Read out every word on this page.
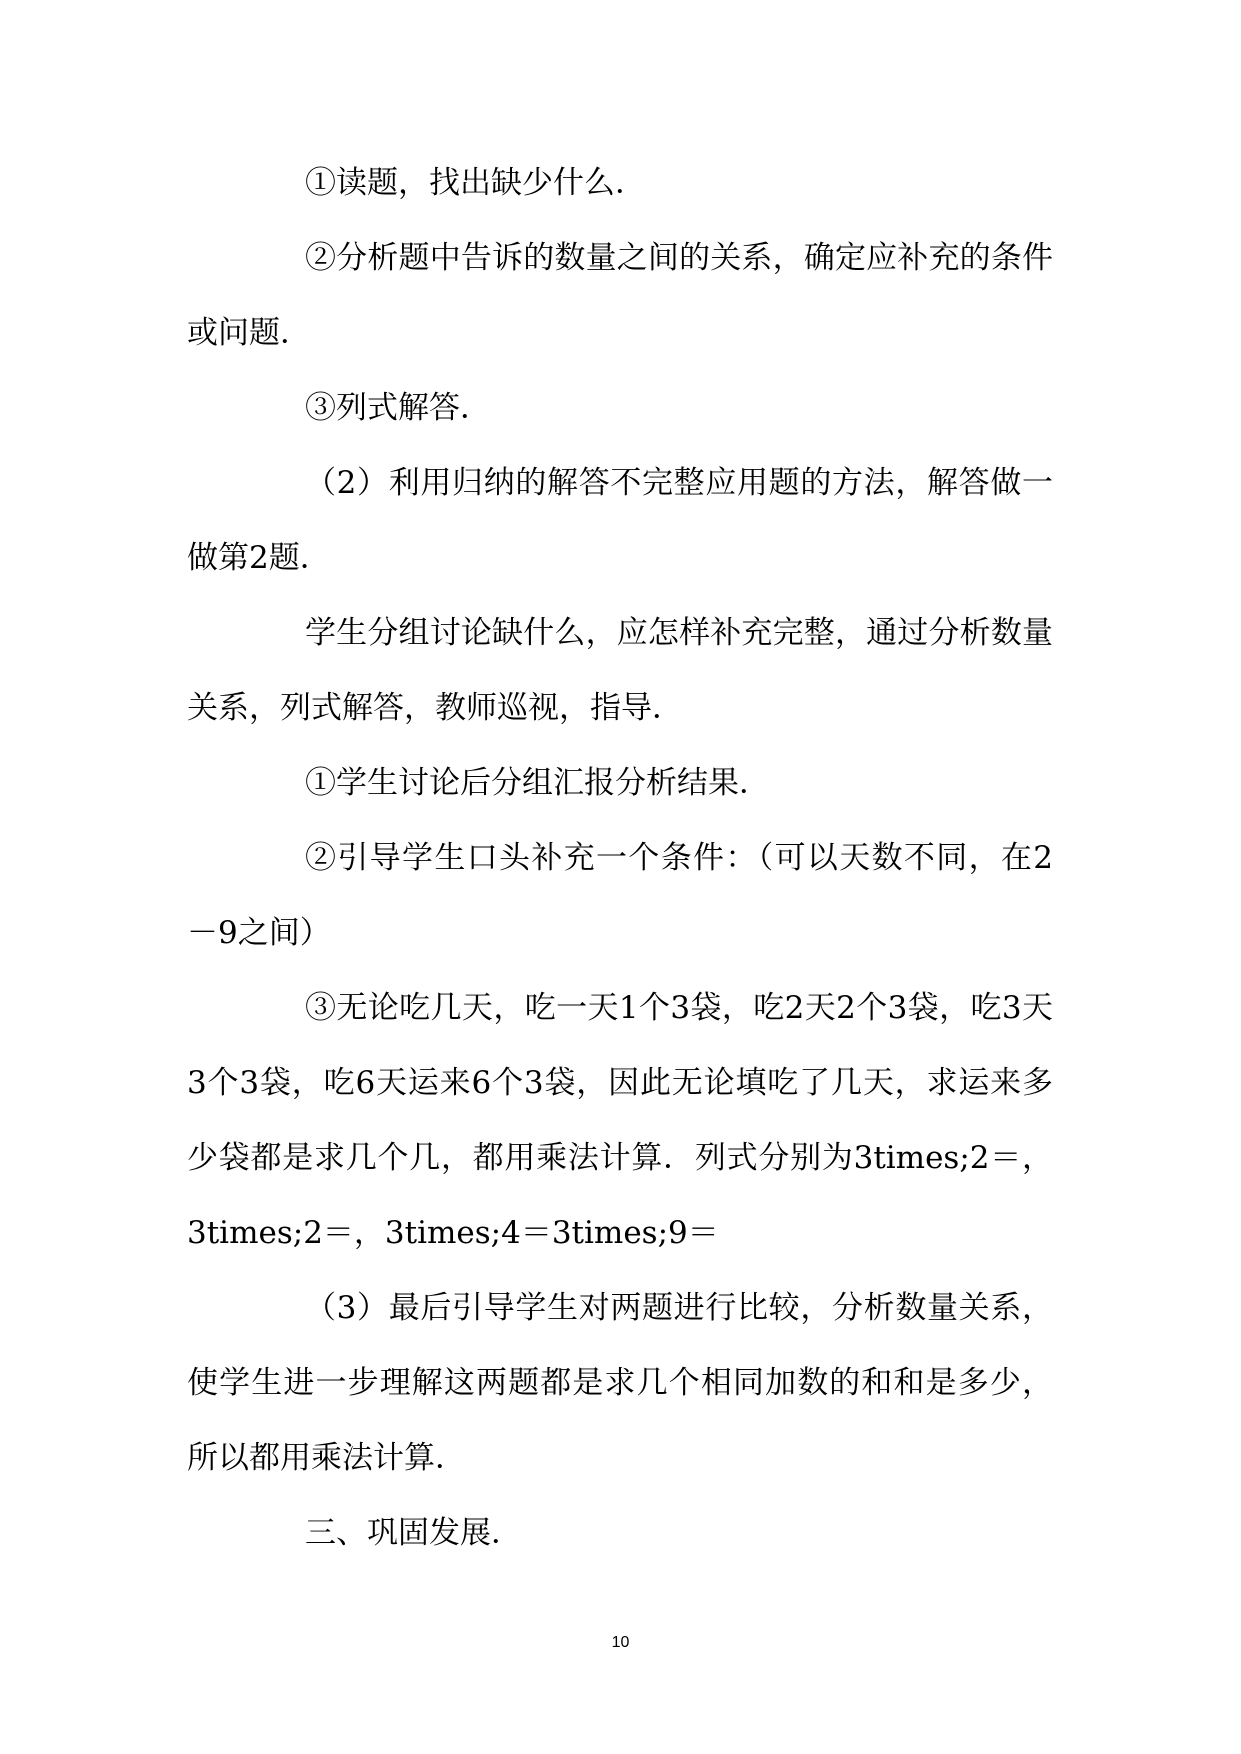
①读题，找出缺少什么．

②分析题中告诉的数量之间的关系，确定应补充的条件或问题．

③列式解答．

（2）利用归纳的解答不完整应用题的方法，解答做一做第2题．

学生分组讨论缺什么，应怎样补充完整，通过分析数量关系，列式解答，教师巡视，指导．

①学生讨论后分组汇报分析结果．

②引导学生口头补充一个条件：（可以天数不同，在2－9之间）

③无论吃几天，吃一天1个3袋，吃2天2个3袋，吃3天3个3袋，吃6天运来6个3袋，因此无论填吃了几天，求运来多少袋都是求几个几，都用乘法计算．列式分别为3times;2＝，3times;2＝，3times;4＝3times;9＝

（3）最后引导学生对两题进行比较，分析数量关系，使学生进一步理解这两题都是求几个相同加数的和和是多少，所以都用乘法计算．

三、巩固发展．

10
